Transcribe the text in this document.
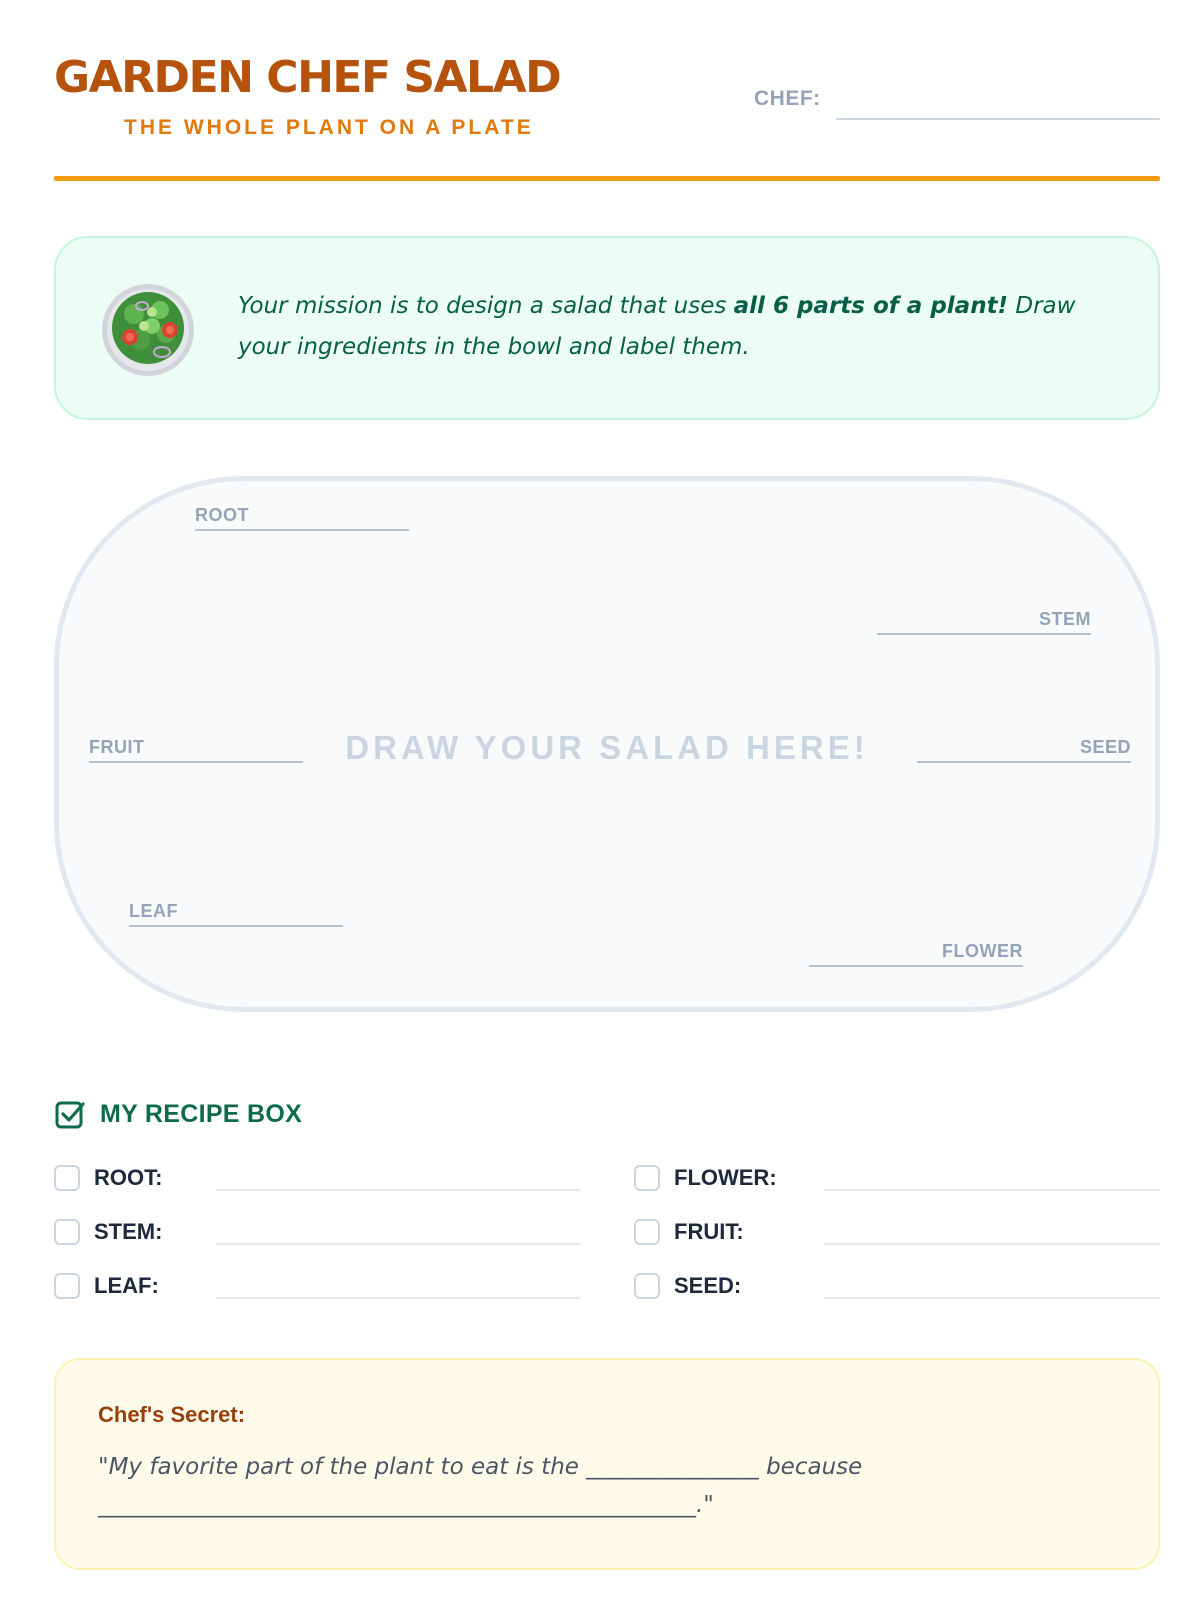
GARDEN CHEF SALAD
THE WHOLE PLANT ON A PLATE
CHEF:
Your mission is to design a salad that uses all 6 parts of a plant! Draw your ingredients in the bowl and label them.
DRAW YOUR SALAD HERE!
ROOT
STEM
FRUIT	SEED
LEAF
FLOWER
MY RECIPE BOX
ROOT:
STEM:
LEAF:
FLOWER:
FRUIT:
SEED:
Chef's Secret:
"My favorite part of the plant to eat is the _______________ because
____________________________________________________."
